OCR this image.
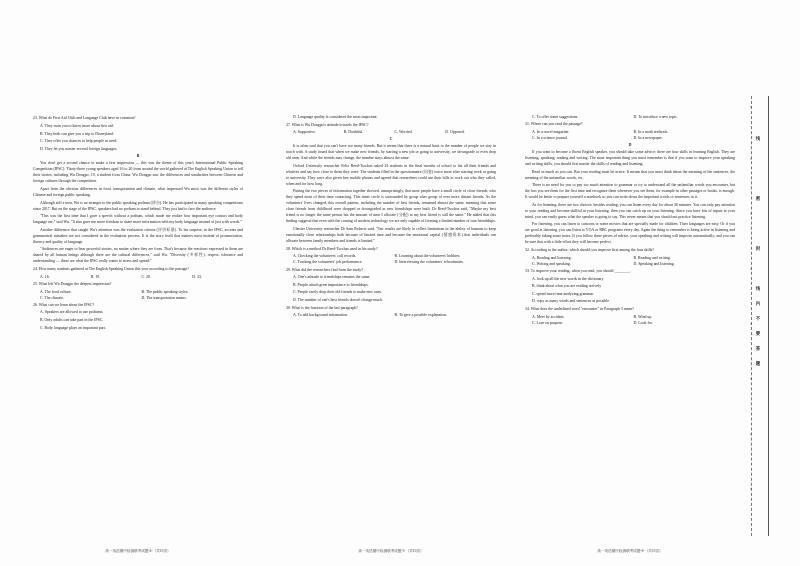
23. What do First Aid Club and Language Club have in common?

A. They train you to know more about first aid.

B. They both can give you a trip to Disneyland.

C. They offer you chances to help people in need.

D. They let you master several foreign languages.

B

You don't get a second chance to make a first impression — this was the theme of this year's International Public Speaking Competition (IPSC). Thirty-three young speakers aged 16 to 20 from around the world gathered at The English Speaking Union to tell their stories, including Wu Dongpo, 19, a student from China. Wu Dongpo saw the differences and similarities between Chinese and foreign cultures through the competition.

Apart from the obvious differences in food, transportation and climate, what impressed Wu most was the different styles of Chinese and foreign public speaking.

Although still a teen, Wu is no stranger to the public speaking podium (讲台). He has participated in many speaking competitions since 2017. But on the stage of the IPSC, speakers had no podium to stand behind. They just had to face the audience.

"This was the first time that I gave a speech without a podium, which made me realize how important eye contact and body language are," said Wu. "It also gave me more freedom to share more information with my body language instead of just with words."

Another difference that caught Wu's attention was the evaluation criteria (评价标准). To his surprise, in the IPSC, accents and grammatical mistakes are not considered in the evaluation process. It is the story itself that matters most instead of pronunciation, fluency and quality of language.

"Audiences are eager to hear powerful stories, no matter where they are from. That's because the reactions expressed in them are shared by all human beings although there are the cultural differences," said Wu. "Diversity (多样性), respect, tolerance and understanding — these are what the IPSC really wants to stress and spread."

24. How many students gathered at The English Speaking Union this year according to the passage?

A. 16.	B. 19.	C. 20.	D. 33.

25. What left Wu Dongpo the deepest impression?

A. The food culture.	B. The public speaking styles.
C. The climate.	D. The transportation means.

26. What can we learn about the IPSC?

A. Speakers are allowed to use podiums.

B. Only adults can take part in the IPSC.

C. Body language plays an important part.

D. Language quality is considered the most important.

27. What is Wu Dongpo's attitude towards the IPSC?

A. Supportive.	B. Doubtful.	C. Worried.	D. Opposed.

C

It is often said that you can't have too many friends. But it seems that there is a natural limit to the number of people we stay in touch with. A study found that when we make new friends, by starting a new job or going to university, we downgrade or even drop old ones. And while the friends may change, the number stays almost the same.

Oxford University researcher Felix Reed-Tsochas asked 24 students in the final months of school to list all their friends and relatives and say how close to them they were. The students filled in the questionnaire (问卷) twice more after starting work or going to university. They were also given free mobile phones and agreed that researchers could use their bills to work out who they called, when and for how long.

Putting the two pieces of information together showed, unsurprisingly, that most people have a small circle of close friends, who they spend most of their time contacting. This inner circle is surrounded by group after group of ever more distant friends. As the volunteers' lives changed, this overall pattern, including the number of best friends, remained almost the same, meaning that some close friends from childhood were dropped or downgraded as new friendships were built. Dr Reed-Tsochas said, "Maybe my best friend is no longer the same person but the amount of time I allocate (分配) to my best friend is still the same." He added that this finding suggests that even with the coming of modern technology we are only capable of forming a limited number of true friendships.

Chester University researcher Dr Sam Roberts said, "Our results are likely to reflect limitations in the ability of humans to keep emotionally close relationships both because of limited time and because the emotional capital (情感资本) that individuals can allocate between family members and friends is limited."

28. Which is a method Dr Reed-Tsochas used in his study?

A. Checking the volunteers' call records.	B. Learning about the volunteers' hobbies.
C. Tracking the volunteers' job performance.	D. Interviewing the volunteers' schoolmates.

29. What did the researchers find from the study?

A. One's attitude to friendships remains the same.

B. People attach great importance to friendships.

C. People rarely drop their old friends to make new ones.

D. The number of one's best friends doesn't change much.

30. What is the function of the last paragraph?

A. To add background information.	B. To give a possible explanation.
C. To offer some suggestions.	D. To introduce a new topic.

31. Where can you read the passage?

A. In a travel magazine.	B. In a math textbook.
C. In a science journal.	D. In a newspaper.

D

If you want to become a fluent English speaker, you should take some advice; there are four skills in learning English. They are listening, speaking, reading and writing. The most important thing you must remember is that if you want to improve your speaking and writing skills, you should first master the skills of reading and listening.

Read as much as you can. But your reading must be active. It means that you must think about the meaning of the sentences, the meaning of the unfamiliar words, etc.

There is no need for you to pay too much attention to grammar or try to understand all the unfamiliar words you encounter, but the fact you see them for the first time and recognize them whenever you see them, for example in other passages or books, is enough. It would be better to prepare yourself a notebook so you can write down the important words or sentences in it.

As for listening, there are two choices: besides reading, you can listen every day for about 30 minutes. You can only pay attention to your reading and become skillful at your listening, then you can catch up on your listening. Since you have lots of inputs in your mind, you can easily guess what the speaker is going to say. This never means that you should not practice listening.

For listening, you can listen to cartoons or some movies that are specially made for children. Their languages are easy. Or if you are good at listening, you can listen to VOA or BBC programs every day. Again the thing to remember is being active in listening and preferably taking some notes. If you follow these pieces of advice, your speaking and writing will improve automatically, and you can be sure that with a little effort they will become perfect.

32. According to the author, which should you improve first among the four skills?

A. Reading and listening.	B. Reading and writing.
C. Writing and speaking.	D. Speaking and listening.

33. To improve your reading, when you read, you should ________.

A. look up all the new words in the dictionary

B. think about what you are reading actively

C. spend more time analyzing grammar

D. copy as many words and sentences as possible

34. What does the underlined word "encounter" in Paragraph 3 mean?

A. Meet by accident.	B. Wind up.
C. Lose on purpose.	D. Look for.
高一英语期中检测联考试题-4-（共10页）	高一英语期中检测联考试题-5-（共10页）	高一英语期中检测联考试题-6-（共10页）
○
○
○
○
○
○
○
○
线
密
封
线
内
不
要
答
题
